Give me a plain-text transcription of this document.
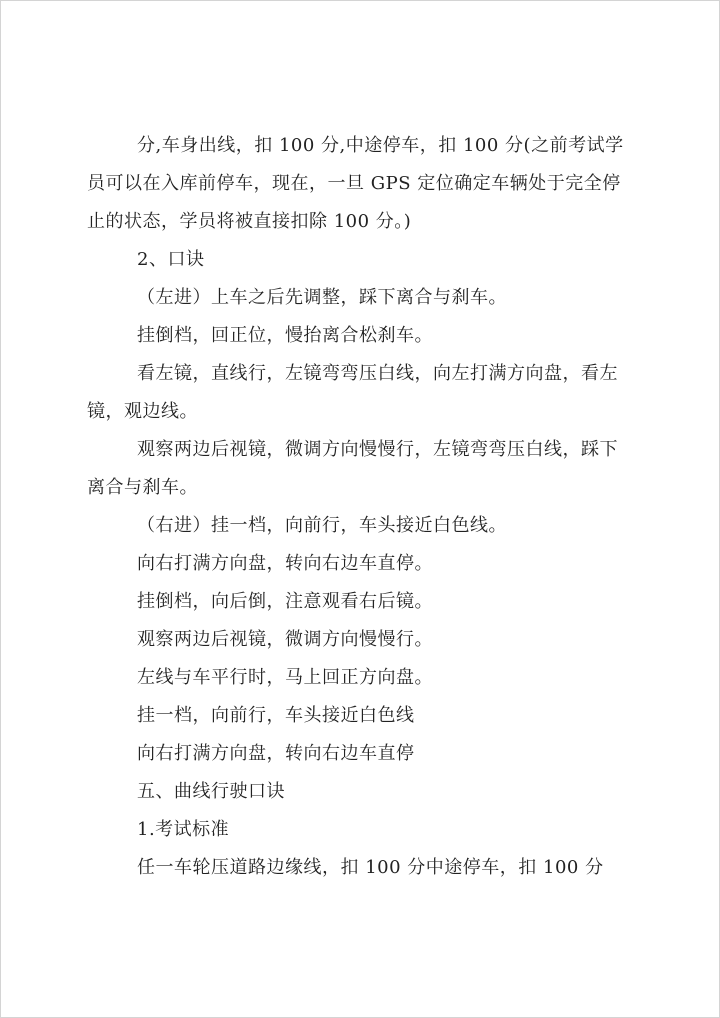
分,车身出线，扣 100 分,中途停车，扣 100 分(之前考试学

员可以在入库前停车，现在，一旦 GPS 定位确定车辆处于完全停

止的状态，学员将被直接扣除 100 分。)

2、口诀

（左进）上车之后先调整，踩下离合与刹车。

挂倒档，回正位，慢抬离合松刹车。

看左镜，直线行，左镜弯弯压白线，向左打满方向盘，看左

镜，观边线。

观察两边后视镜，微调方向慢慢行，左镜弯弯压白线，踩下

离合与刹车。

（右进）挂一档，向前行，车头接近白色线。

向右打满方向盘，转向右边车直停。

挂倒档，向后倒，注意观看右后镜。

观察两边后视镜，微调方向慢慢行。

左线与车平行时，马上回正方向盘。

挂一档，向前行，车头接近白色线

向右打满方向盘，转向右边车直停

五、曲线行驶口诀

1.考试标准

任一车轮压道路边缘线，扣 100 分中途停车，扣 100 分
